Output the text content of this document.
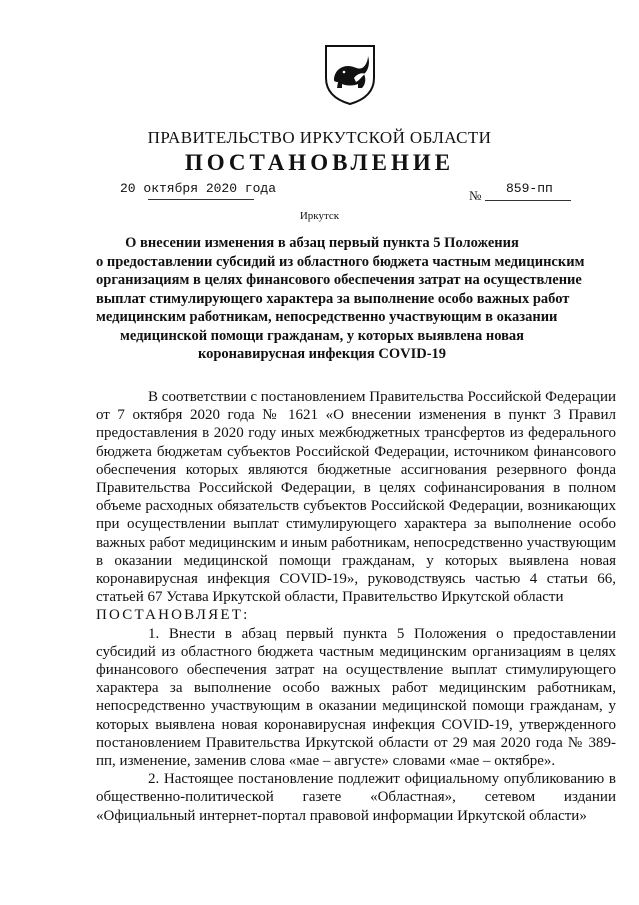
ПРАВИТЕЛЬСТВО ИРКУТСКОЙ ОБЛАСТИ
ПОСТАНОВЛЕНИЕ
20 октября 2020 года	№ 859-пп
Иркутск
О внесении изменения в абзац первый пункта 5 Положения
о предоставлении субсидий из областного бюджета частным медицинским
организациям в целях финансового обеспечения затрат на осуществление
выплат стимулирующего характера за выполнение особо важных работ
медицинским работникам, непосредственно участвующим в оказании
медицинской помощи гражданам, у которых выявлена новая
коронавирусная инфекция COVID-19

В соответствии с постановлением Правительства Российской Федерации от 7 октября 2020 года № 1621 «О внесении изменения в пункт 3 Правил предоставления в 2020 году иных межбюджетных трансфертов из федерального бюджета бюджетам субъектов Российской Федерации, источником финансового обеспечения которых являются бюджетные ассигнования резервного фонда Правительства Российской Федерации, в целях софинансирования в полном объеме расходных обязательств субъектов Российской Федерации, возникающих при осуществлении выплат стимулирующего характера за выполнение особо важных работ медицинским и иным работникам, непосредственно участвующим в оказании медицинской помощи гражданам, у которых выявлена новая коронавирусная инфекция COVID-19», руководствуясь частью 4 статьи 66, статьей 67 Устава Иркутской области, Правительство Иркутской области

ПОСТАНОВЛЯЕТ:

1. Внести в абзац первый пункта 5 Положения о предоставлении субсидий из областного бюджета частным медицинским организациям в целях финансового обеспечения затрат на осуществление выплат стимулирующего характера за выполнение особо важных работ медицинским работникам, непосредственно участвующим в оказании медицинской помощи гражданам, у которых выявлена новая коронавирусная инфекция COVID-19, утвержденного постановлением Правительства Иркутской области от 29 мая 2020 года № 389-пп, изменение, заменив слова «мае – августе» словами «мае – октябре».

2. Настоящее постановление подлежит официальному опубликованию в общественно-политической газете «Областная», сетевом издании «Официальный интернет-портал правовой информации Иркутской области»
